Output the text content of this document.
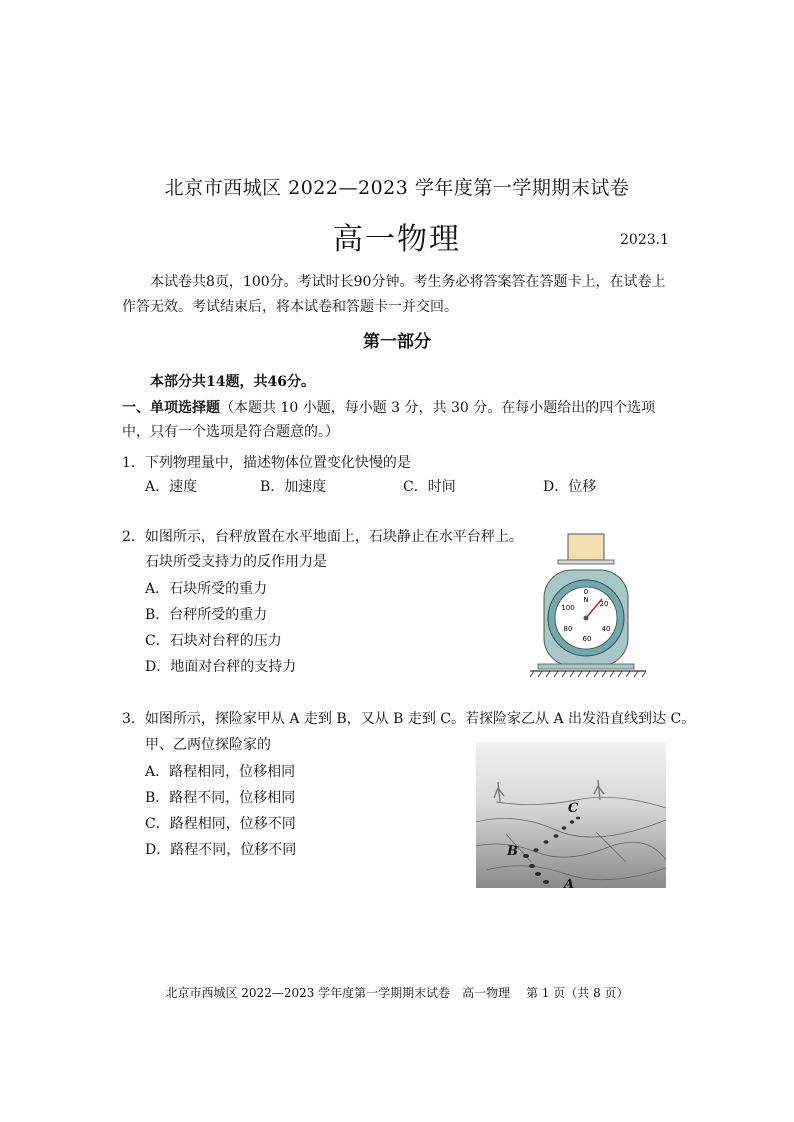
北京市西城区 2022—2023 学年度第一学期期末试卷
高一物理	2023.1
本试卷共8页，100分。考试时长90分钟。考生务必将答案答在答题卡上，在试卷上作答无效。考试结束后，将本试卷和答题卡一并交回。
第一部分
本部分共14题，共46分。
一、单项选择题（本题共 10 小题，每小题 3 分，共 30 分。在每小题给出的四个选项中，只有一个选项是符合题意的。）
1．下列物理量中，描述物体位置变化快慢的是
A．速度	B．加速度	C．时间	D．位移
2．如图所示，台秤放置在水平地面上，石块静止在水平台秤上。
石块所受支持力的反作用力是
A．石块所受的重力
B．台秤所受的重力
C．石块对台秤的压力
D．地面对台秤的支持力
0
N 20
40
60
80
100
3．如图所示，探险家甲从 A 走到 B，又从 B 走到 C。若探险家乙从 A 出发沿直线到达 C。
甲、乙两位探险家的
A．路程相同，位移相同
B．路程不同，位移相同
C．路程相同，位移不同
D．路程不同，位移不同
C
B
A
北京市西城区 2022—2023 学年度第一学期期末试卷　高一物理　 第 1 页（共 8 页）
